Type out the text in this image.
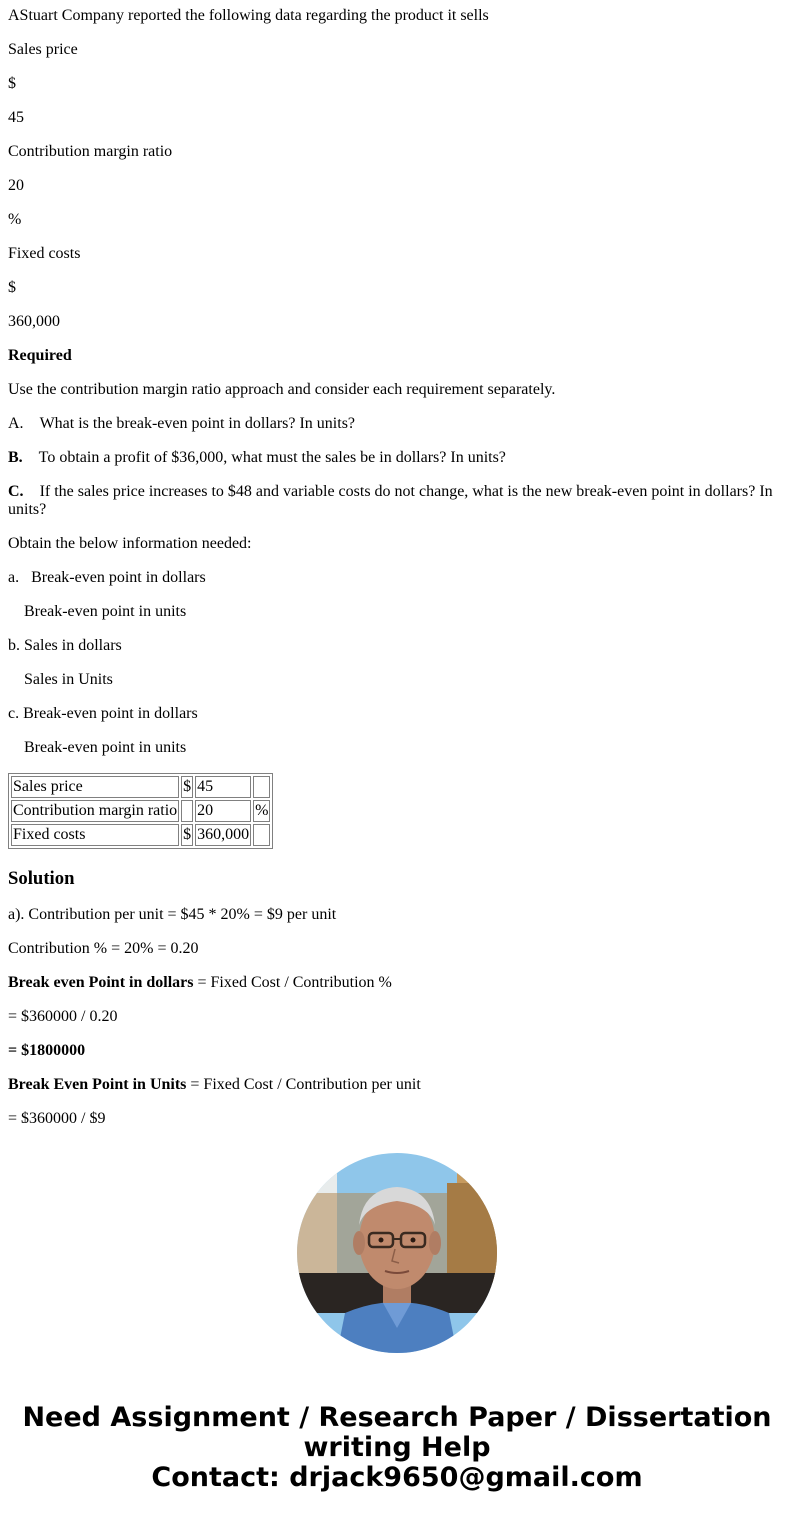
AStuart Company reported the following data regarding the product it sells

Sales price

$

45

Contribution margin ratio

20

%

Fixed costs

$

360,000

Required

Use the contribution margin ratio approach and consider each requirement separately.

A. What is the break-even point in dollars? In units?

B. To obtain a profit of $36,000, what must the sales be in dollars? In units?

C. If the sales price increases to $48 and variable costs do not change, what is the new break-even point in dollars? In units?

Obtain the below information needed:

a.   Break-even point in dollars

Break-even point in units

b. Sales in dollars

Sales in Units

c. Break-even point in dollars

Break-even point in units

Sales price	$	45	
Contribution margin ratio		20	%
Fixed costs	$	360,000	
Solution

a). Contribution per unit = $45 * 20% = $9 per unit

Contribution % = 20% = 0.20

Break even Point in dollars = Fixed Cost / Contribution %

= $360000 / 0.20

= $1800000

Break Even Point in Units = Fixed Cost / Contribution per unit

= $360000 / $9

Need Assignment / Research Paper / Dissertation
writing Help
Contact: drjack9650@gmail.com
